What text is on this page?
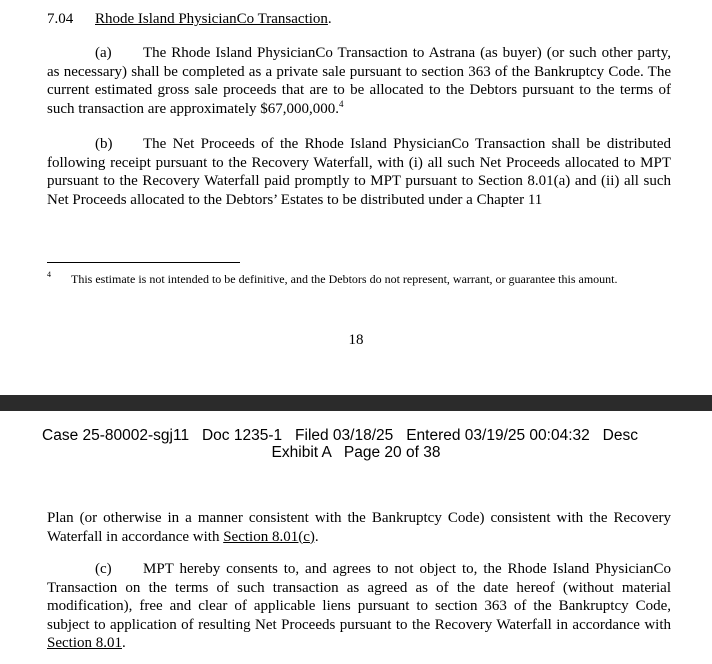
7.04 Rhode Island PhysicianCo Transaction.
(a) The Rhode Island PhysicianCo Transaction to Astrana (as buyer) (or such other party, as necessary) shall be completed as a private sale pursuant to section 363 of the Bankruptcy Code. The current estimated gross sale proceeds that are to be allocated to the Debtors pursuant to the terms of such transaction are approximately $67,000,000.$^4$
(b) The Net Proceeds of the Rhode Island PhysicianCo Transaction shall be distributed following receipt pursuant to the Recovery Waterfall, with (i) all such Net Proceeds allocated to MPT pursuant to the Recovery Waterfall paid promptly to MPT pursuant to Section 8.01(a) and (ii) all such Net Proceeds allocated to the Debtors’ Estates to be distributed under a Chapter 11
4	This estimate is not intended to be definitive, and the Debtors do not represent, warrant, or guarantee this amount.
18
Case 25-80002-sgj11   Doc 1235-1   Filed 03/18/25   Entered 03/19/25 00:04:32   Desc
Exhibit A   Page 20 of 38
Plan (or otherwise in a manner consistent with the Bankruptcy Code) consistent with the Recovery Waterfall in accordance with Section 8.01(c).
(c) MPT hereby consents to, and agrees to not object to, the Rhode Island PhysicianCo Transaction on the terms of such transaction as agreed as of the date hereof (without material modification), free and clear of applicable liens pursuant to section 363 of the Bankruptcy Code, subject to application of resulting Net Proceeds pursuant to the Recovery Waterfall in accordance with Section 8.01.
